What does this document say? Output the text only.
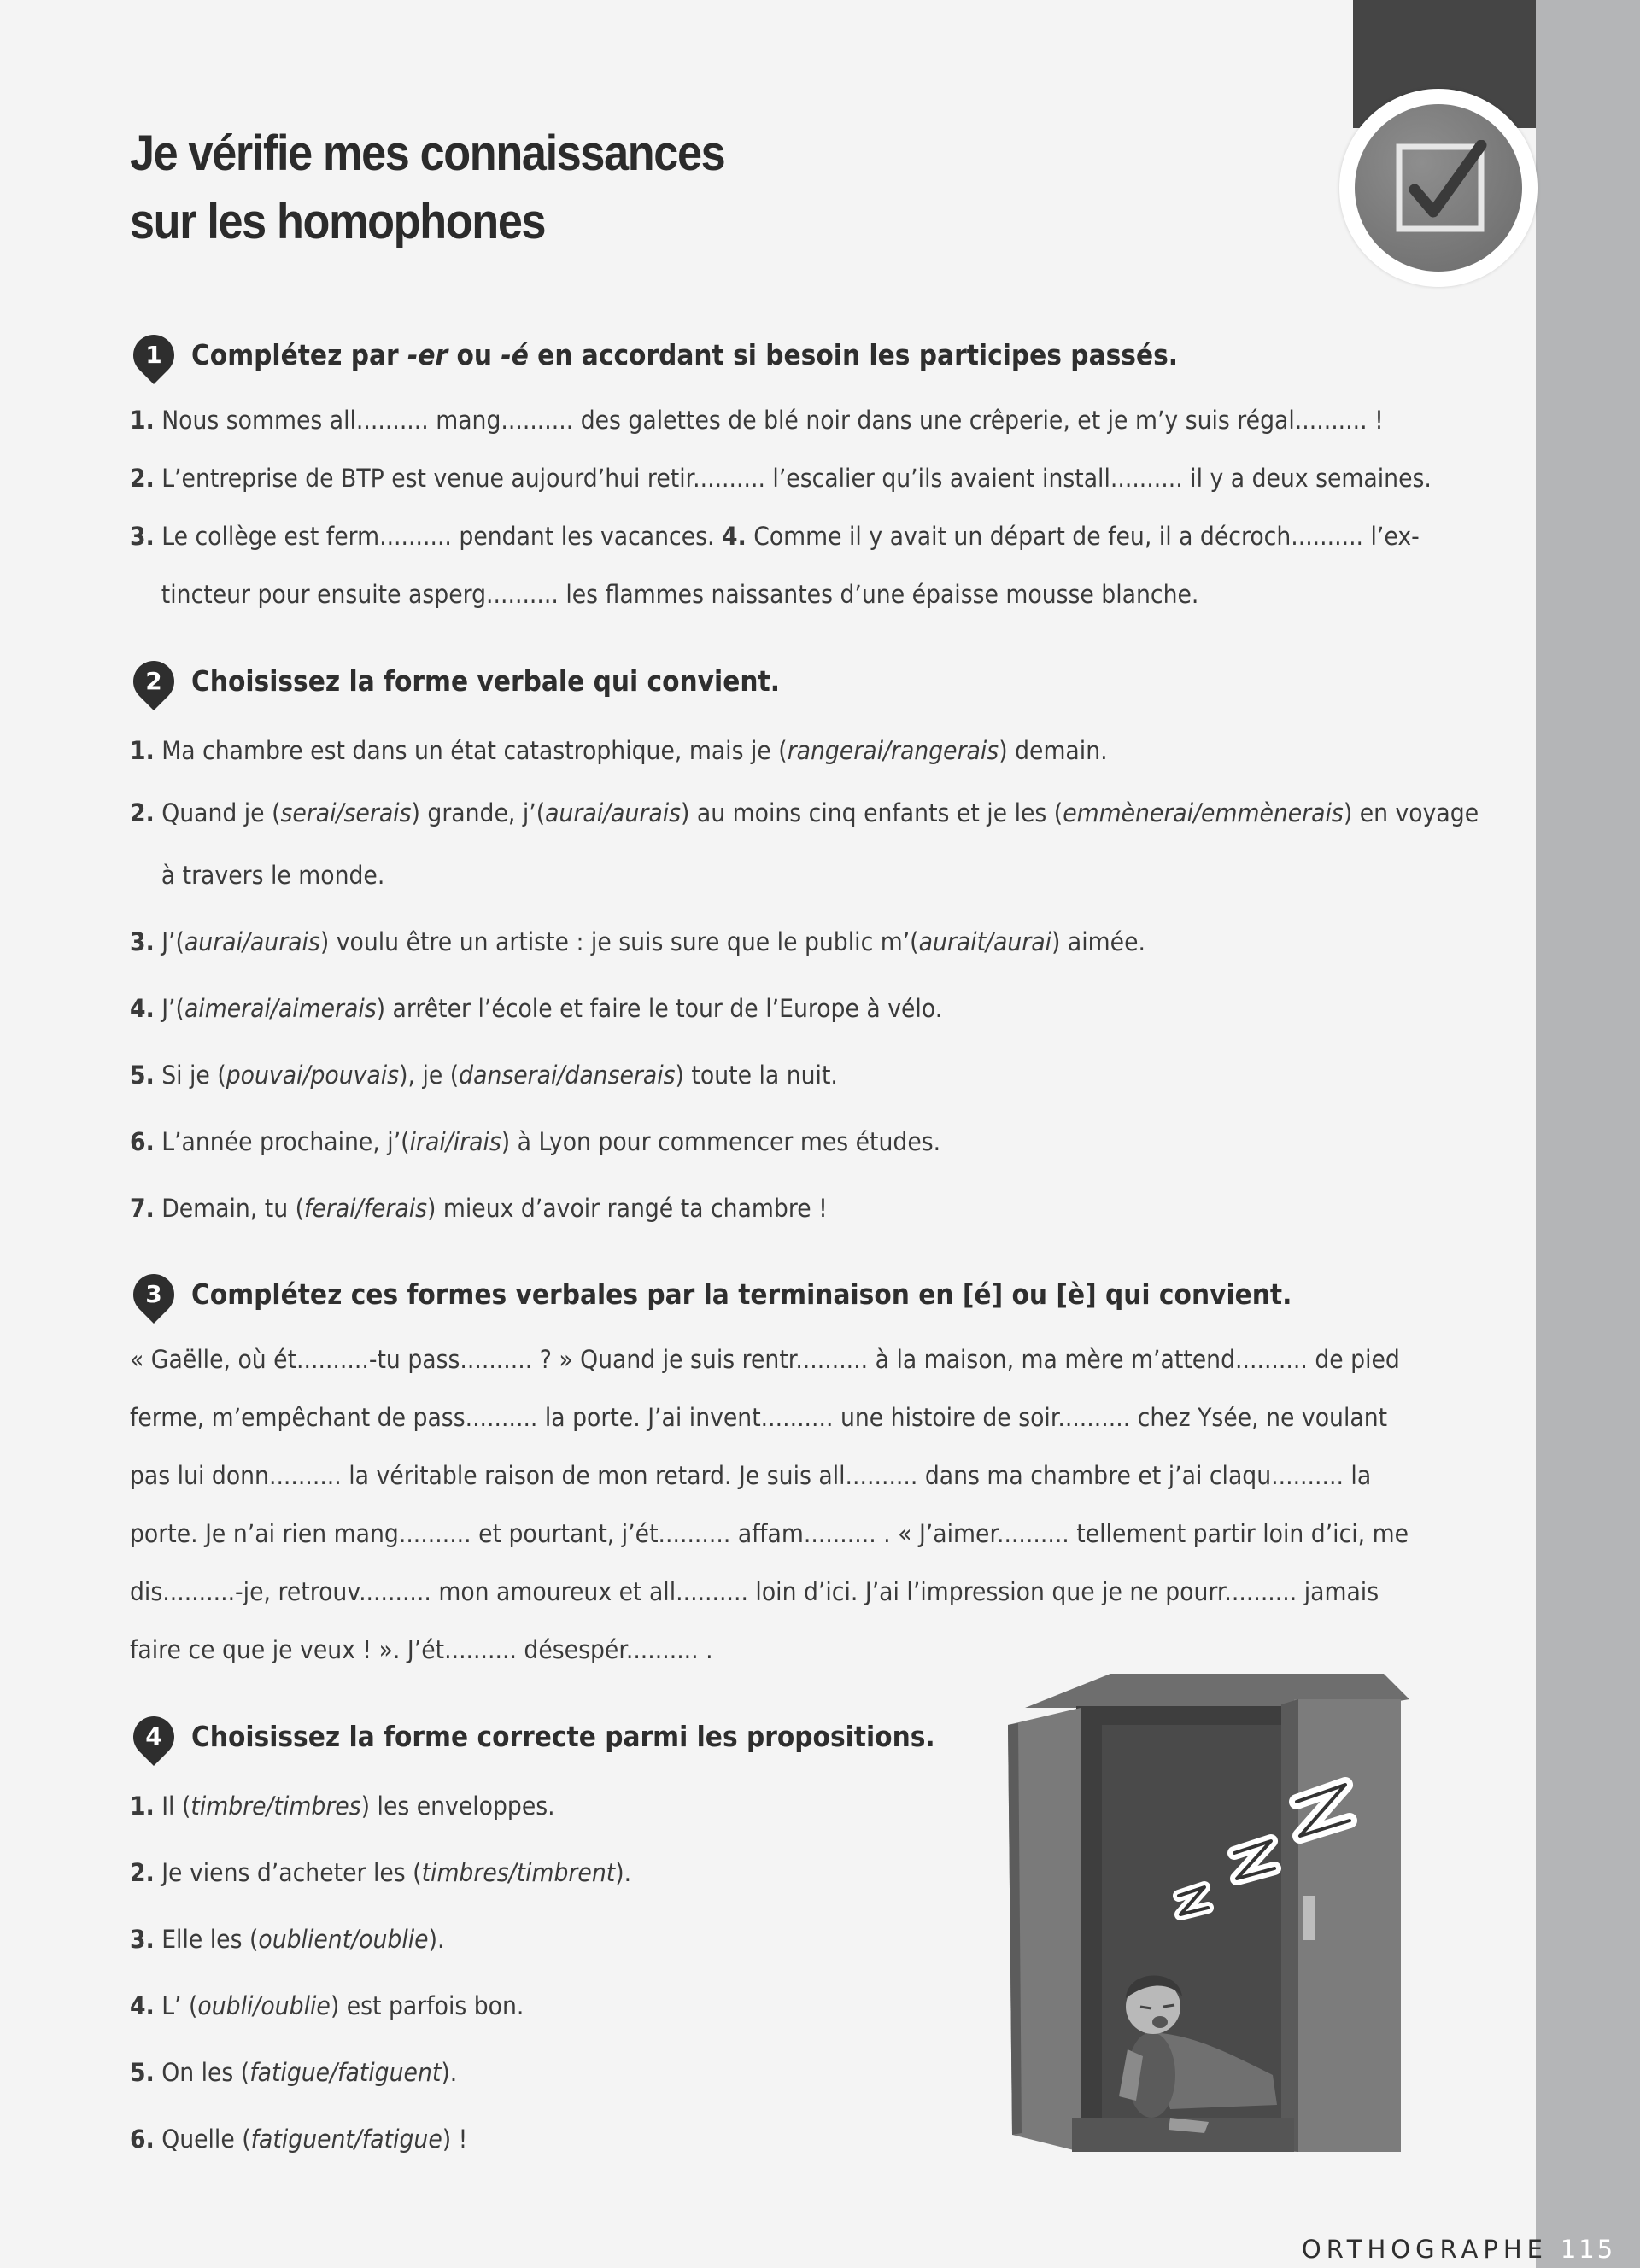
Je vérifie mes connaissances
sur les homophones
1	Complétez par -er ou -é en accordant si besoin les participes passés.
1. Nous sommes all.......... mang.......... des galettes de blé noir dans une crêperie, et je m’y suis régal.......... !
2. L’entreprise de BTP est venue aujourd’hui retir.......... l’escalier qu’ils avaient install.......... il y a deux semaines.
3. Le collège est ferm.......... pendant les vacances. 4. Comme il y avait un départ de feu, il a décroch.......... l’ex-
tincteur pour ensuite asperg.......... les flammes naissantes d’une épaisse mousse blanche.
2	Choisissez la forme verbale qui convient.
1. Ma chambre est dans un état catastrophique, mais je (rangerai/rangerais) demain.
2. Quand je (serai/serais) grande, j’(aurai/aurais) au moins cinq enfants et je les (emmènerai/emmènerais) en voyage
à travers le monde.
3. J’(aurai/aurais) voulu être un artiste : je suis sure que le public m’(aurait/aurai) aimée.
4. J’(aimerai/aimerais) arrêter l’école et faire le tour de l’Europe à vélo.
5. Si je (pouvai/pouvais), je (danserai/danserais) toute la nuit.
6. L’année prochaine, j’(irai/irais) à Lyon pour commencer mes études.
7. Demain, tu (ferai/ferais) mieux d’avoir rangé ta chambre !
3	Complétez ces formes verbales par la terminaison en [é] ou [è] qui convient.
« Gaëlle, où ét..........-tu pass.......... ? » Quand je suis rentr.......... à la maison, ma mère m’attend.......... de pied
ferme, m’empêchant de pass.......... la porte. J’ai invent.......... une histoire de soir.......... chez Ysée, ne voulant
pas lui donn.......... la véritable raison de mon retard. Je suis all.......... dans ma chambre et j’ai claqu.......... la
porte. Je n’ai rien mang.......... et pourtant, j’ét.......... affam.......... . « J’aimer.......... tellement partir loin d’ici, me
dis..........-je, retrouv.......... mon amoureux et all.......... loin d’ici. J’ai l’impression que je ne pourr.......... jamais
faire ce que je veux ! ». J’ét.......... désespér.......... .
4	Choisissez la forme correcte parmi les propositions.
1. Il (timbre/timbres) les enveloppes.
2. Je viens d’acheter les (timbres/timbrent).
3. Elle les (oublient/oublie).
4. L’ (oubli/oublie) est parfois bon.
5. On les (fatigue/fatiguent).
6. Quelle (fatiguent/fatigue) !
ORTHOGRAPHE 115
